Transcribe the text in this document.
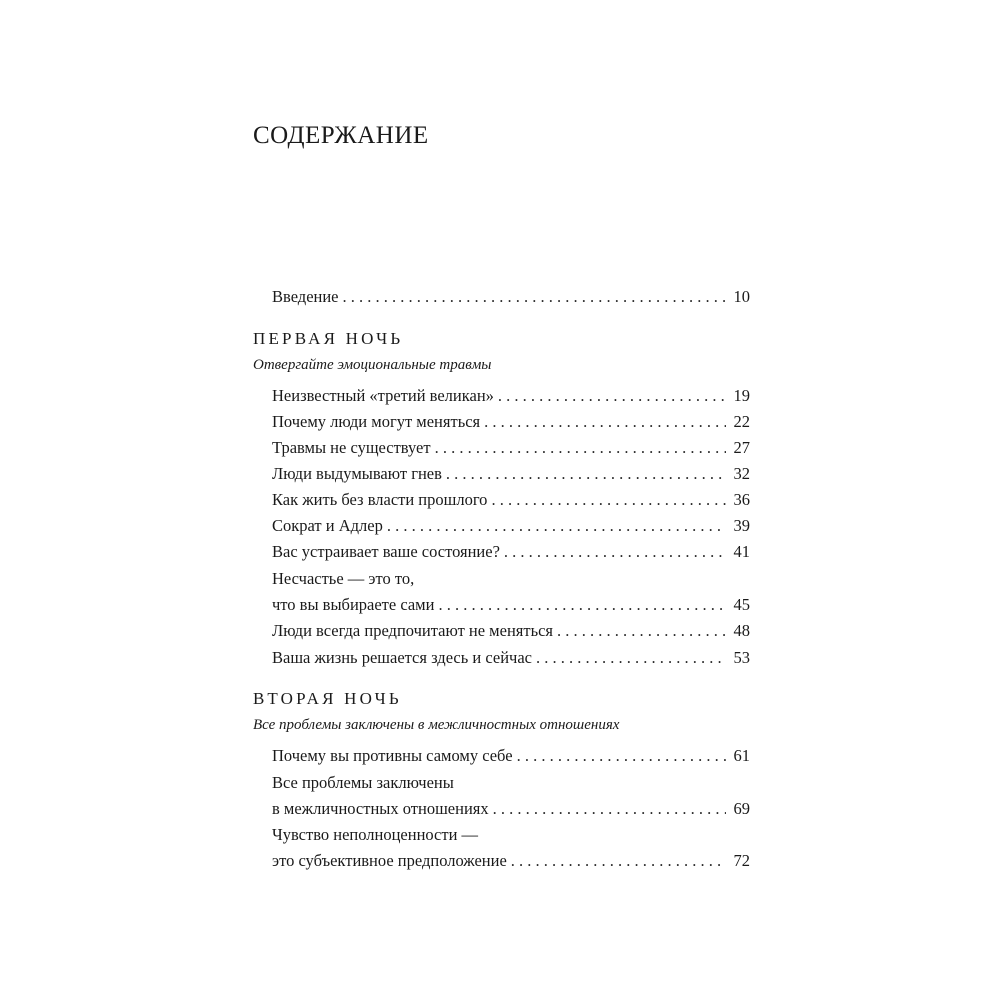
СОДЕРЖАНИЕ
Введение . . .	10
ПЕРВАЯ НОЧЬ
Отвергайте эмоциональные травмы
Неизвестный «третий великан» . . .	19
Почему люди могут меняться . . .	22
Травмы не существует . . .	27
Люди выдумывают гнев . . .	32
Как жить без власти прошлого . . .	36
Сократ и Адлер . . .	39
Вас устраивает ваше состояние? . . .	41
Несчастье — это то,
что вы выбираете сами . . .	45
Люди всегда предпочитают не меняться . . .	48
Ваша жизнь решается здесь и сейчас . . .	53
ВТОРАЯ НОЧЬ
Все проблемы заключены в межличностных отношениях
Почему вы противны самому себе . . .	61
Все проблемы заключены
в межличностных отношениях . . .	69
Чувство неполноценности —
это субъективное предположение . . .	72
